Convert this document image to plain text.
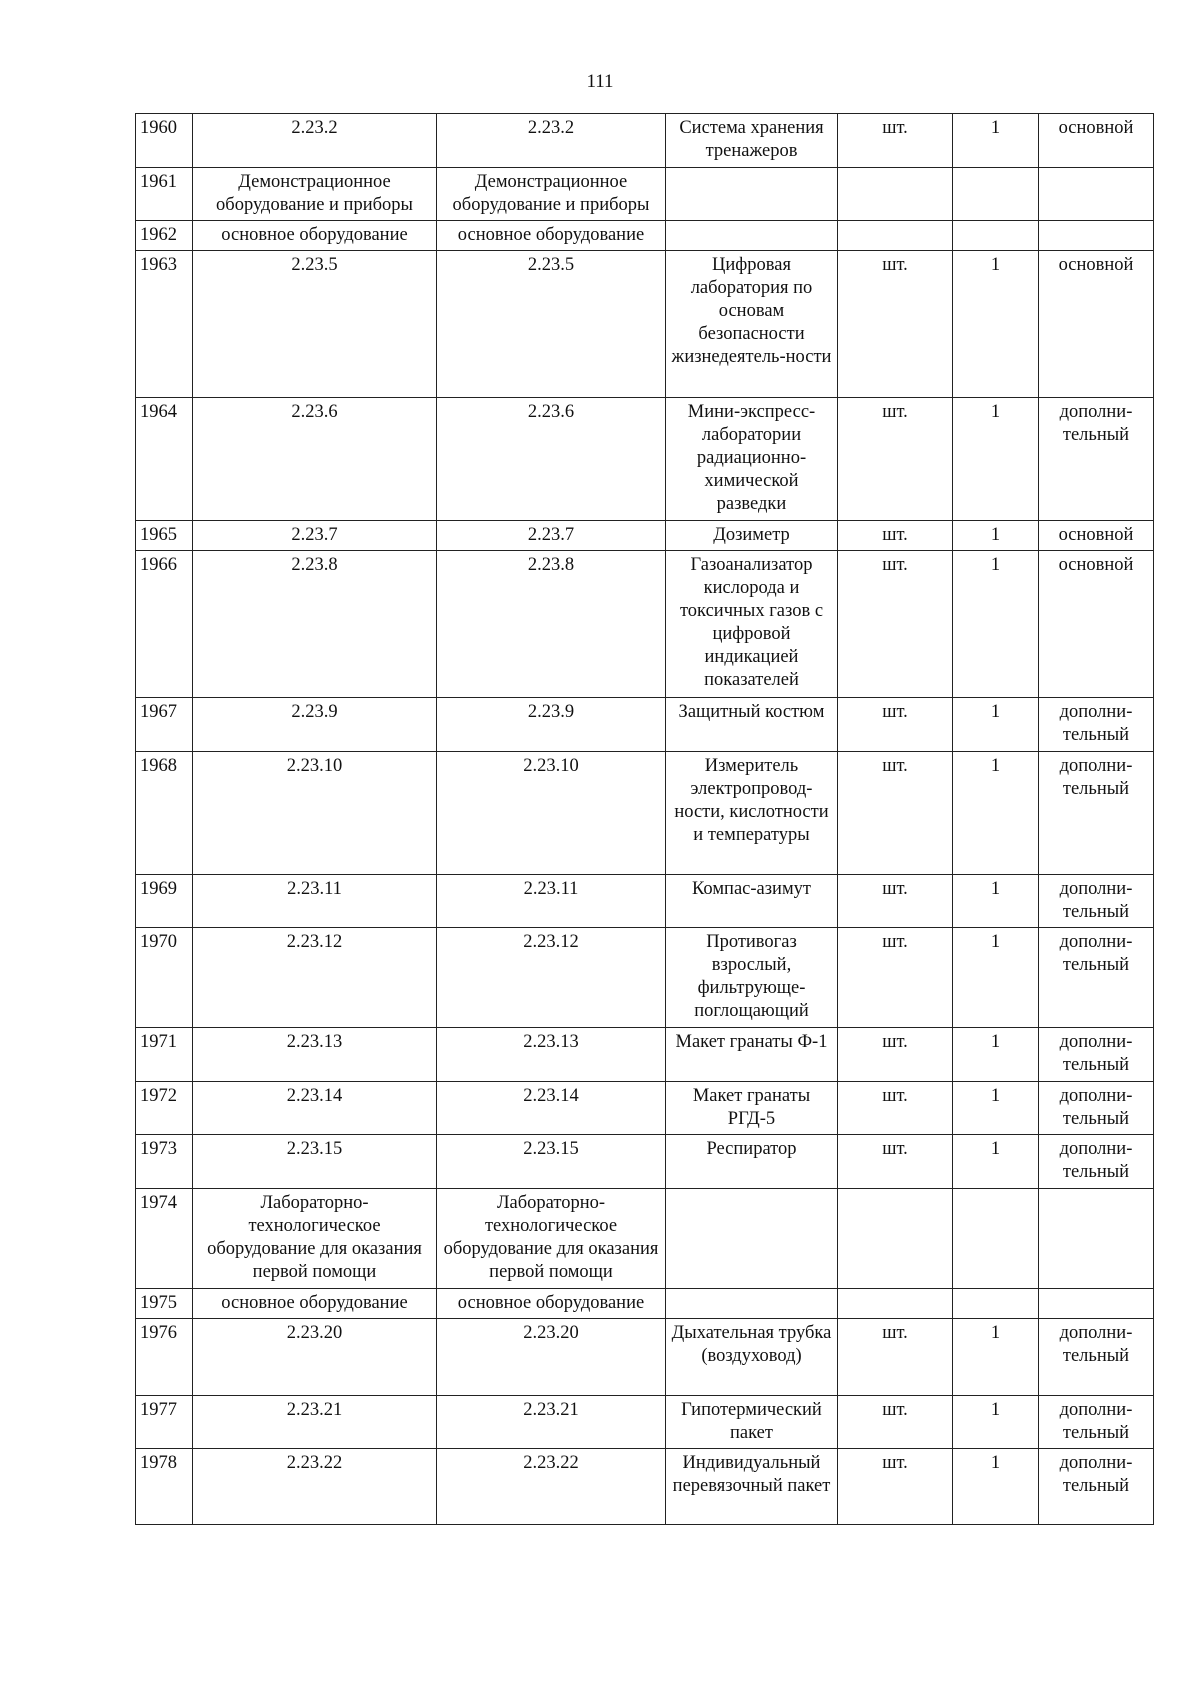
111
1960	2.23.2	2.23.2	Система хранения тренажеров	шт.	1	основной
1961	Демонстрационное оборудование и приборы	Демонстрационное оборудование и приборы				
1962	основное оборудование	основное оборудование				
1963	2.23.5	2.23.5	Цифровая лаборатория по основам безопасности жизнедеятель-ности	шт.	1	основной
1964	2.23.6	2.23.6	Мини-экспресс-лаборатории радиационно-химической разведки	шт.	1	дополни-тельный
1965	2.23.7	2.23.7	Дозиметр	шт.	1	основной
1966	2.23.8	2.23.8	Газоанализатор кислорода и токсичных газов с цифровой индикацией показателей	шт.	1	основной
1967	2.23.9	2.23.9	Защитный костюм	шт.	1	дополни-тельный
1968	2.23.10	2.23.10	Измеритель электропровод-ности, кислотности и температуры	шт.	1	дополни-тельный
1969	2.23.11	2.23.11	Компас-азимут	шт.	1	дополни-тельный
1970	2.23.12	2.23.12	Противогаз взрослый, фильтрующе-поглощающий	шт.	1	дополни-тельный
1971	2.23.13	2.23.13	Макет гранаты Ф-1	шт.	1	дополни-тельный
1972	2.23.14	2.23.14	Макет гранаты РГД-5	шт.	1	дополни-тельный
1973	2.23.15	2.23.15	Респиратор	шт.	1	дополни-тельный
1974	Лабораторно-технологическое оборудование для оказания первой помощи	Лабораторно-технологическое оборудование для оказания первой помощи				
1975	основное оборудование	основное оборудование				
1976	2.23.20	2.23.20	Дыхательная трубка (воздуховод)	шт.	1	дополни-тельный
1977	2.23.21	2.23.21	Гипотермический пакет	шт.	1	дополни-тельный
1978	2.23.22	2.23.22	Индивидуальный перевязочный пакет	шт.	1	дополни-тельный
